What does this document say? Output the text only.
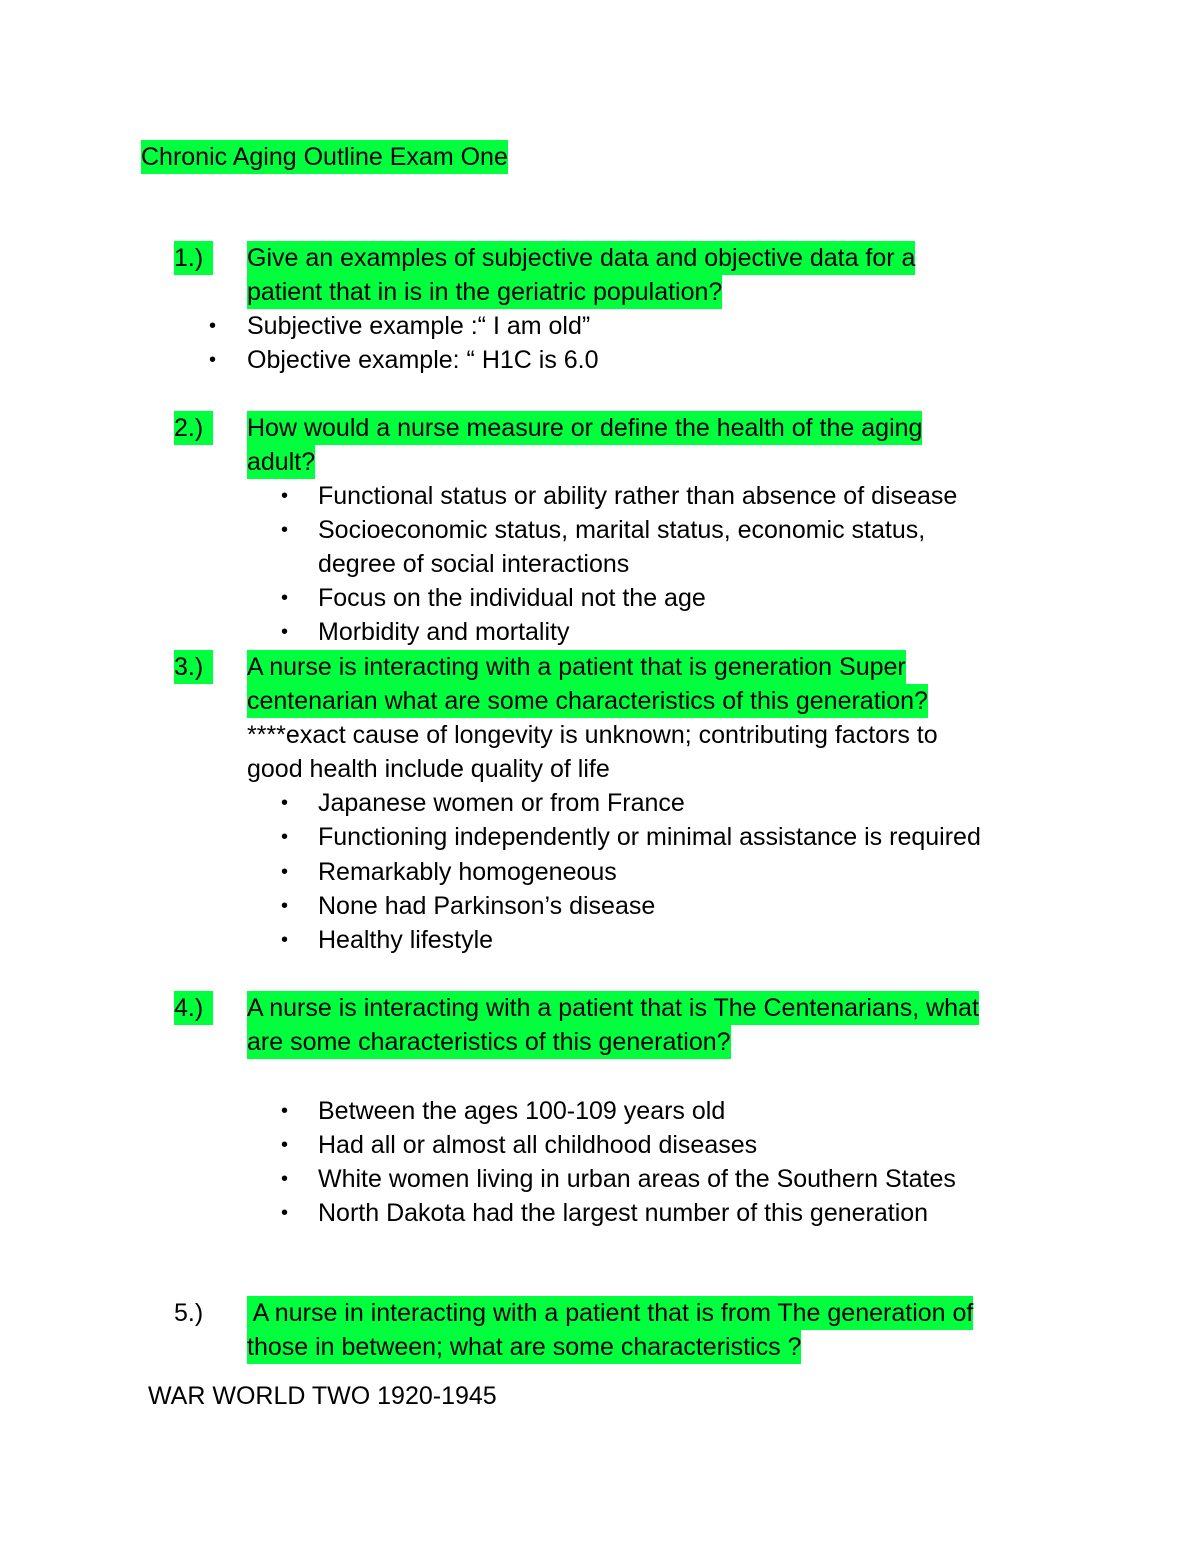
Chronic Aging Outline Exam One
1.)	Give an examples of subjective data and objective data for a
patient that in is in the geriatric population?
• Subjective example :“ I am old”
• Objective example: “ H1C is 6.0
2.)	How would a nurse measure or define the health of the aging
adult?
• Functional status or ability rather than absence of disease
• Socioeconomic status, marital status, economic status,
degree of social interactions
• Focus on the individual not the age
• Morbidity and mortality
3.)	A nurse is interacting with a patient that is generation Super
centenarian what are some characteristics of this generation?
****exact cause of longevity is unknown; contributing factors to
good health include quality of life
• Japanese women or from France
• Functioning independently or minimal assistance is required
• Remarkably homogeneous
• None had Parkinson’s disease
• Healthy lifestyle
4.)	A nurse is interacting with a patient that is The Centenarians, what
are some characteristics of this generation?
• Between the ages 100-109 years old
• Had all or almost all childhood diseases
• White women living in urban areas of the Southern States
• North Dakota had the largest number of this generation
5.) A nurse in interacting with a patient that is from The generation of
those in between; what are some characteristics ?
WAR WORLD TWO 1920-1945
